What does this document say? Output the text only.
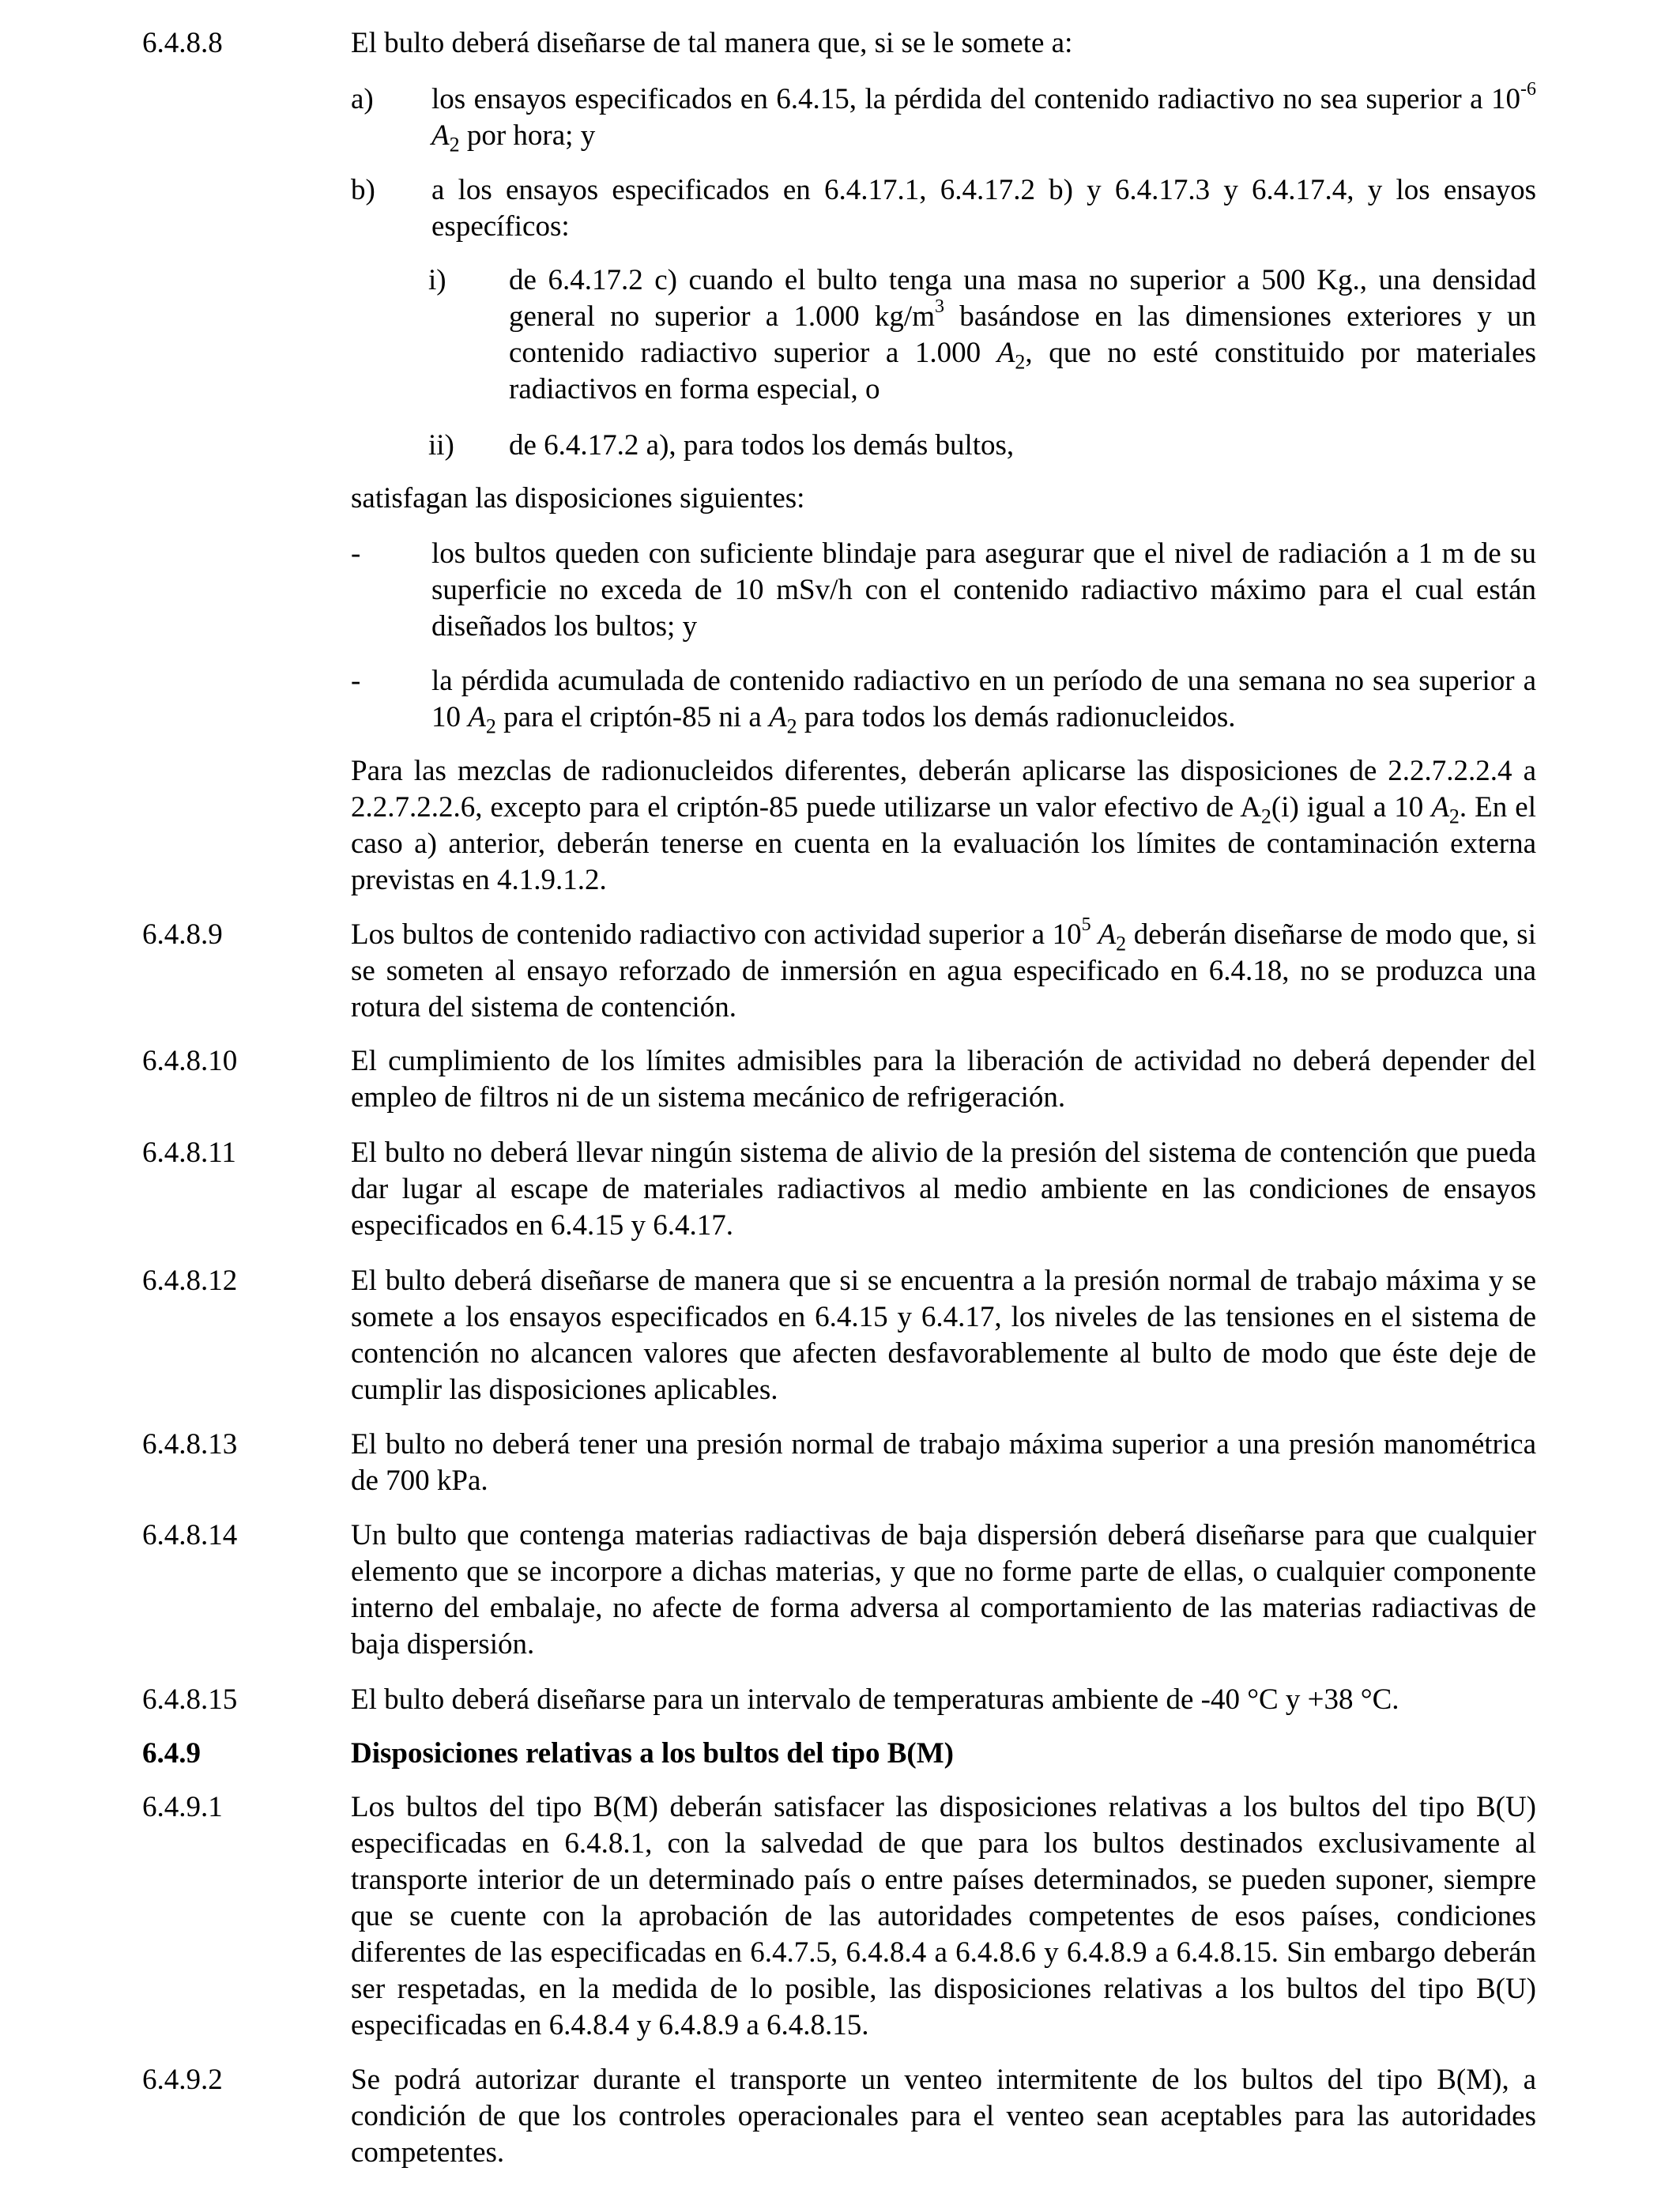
6.4.8.8	El bulto deberá diseñarse de tal manera que, si se le somete a:
a) los ensayos especificados en 6.4.15, la pérdida del contenido radiactivo no sea superior a $10^{-6}$ $A_2$ por hora; y
b) a los ensayos especificados en 6.4.17.1, 6.4.17.2 b) y 6.4.17.3 y 6.4.17.4, y los ensayos específicos:
i) de 6.4.17.2 c) cuando el bulto tenga una masa no superior a 500 Kg., una densidad general no superior a 1.000 $kg/m^3$ basándose en las dimensiones exteriores y un contenido radiactivo superior a 1.000 $A_2$, que no esté constituido por materiales radiactivos en forma especial, o
ii) de 6.4.17.2 a), para todos los demás bultos,
satisfagan las disposiciones siguientes:
- los bultos queden con suficiente blindaje para asegurar que el nivel de radiación a 1 m de su superficie no exceda de 10 mSv/h con el contenido radiactivo máximo para el cual están diseñados los bultos; y
- la pérdida acumulada de contenido radiactivo en un período de una semana no sea superior a 10 $A_2$ para el criptón-85 ni a $A_2$ para todos los demás radionucleidos.
Para las mezclas de radionucleidos diferentes, deberán aplicarse las disposiciones de 2.2.7.2.2.4 a 2.2.7.2.2.6, excepto para el criptón-85 puede utilizarse un valor efectivo de $A_2(i)$ igual a 10 $A_2$. En el caso a) anterior, deberán tenerse en cuenta en la evaluación los límites de contaminación externa previstas en 4.1.9.1.2.
6.4.8.9	Los bultos de contenido radiactivo con actividad superior a $10^5$ $A_2$ deberán diseñarse de modo que, si se someten al ensayo reforzado de inmersión en agua especificado en 6.4.18, no se produzca una rotura del sistema de contención.
6.4.8.10	El cumplimiento de los límites admisibles para la liberación de actividad no deberá depender del empleo de filtros ni de un sistema mecánico de refrigeración.
6.4.8.11	El bulto no deberá llevar ningún sistema de alivio de la presión del sistema de contención que pueda dar lugar al escape de materiales radiactivos al medio ambiente en las condiciones de ensayos especificados en 6.4.15 y 6.4.17.
6.4.8.12	El bulto deberá diseñarse de manera que si se encuentra a la presión normal de trabajo máxima y se somete a los ensayos especificados en 6.4.15 y 6.4.17, los niveles de las tensiones en el sistema de contención no alcancen valores que afecten desfavorablemente al bulto de modo que éste deje de cumplir las disposiciones aplicables.
6.4.8.13	El bulto no deberá tener una presión normal de trabajo máxima superior a una presión manométrica de 700 kPa.
6.4.8.14	Un bulto que contenga materias radiactivas de baja dispersión deberá diseñarse para que cualquier elemento que se incorpore a dichas materias, y que no forme parte de ellas, o cualquier componente interno del embalaje, no afecte de forma adversa al comportamiento de las materias radiactivas de baja dispersión.
6.4.8.15	El bulto deberá diseñarse para un intervalo de temperaturas ambiente de -40 °C y +38 °C.
6.4.9	Disposiciones relativas a los bultos del tipo B(M)
6.4.9.1	Los bultos del tipo B(M) deberán satisfacer las disposiciones relativas a los bultos del tipo B(U) especificadas en 6.4.8.1, con la salvedad de que para los bultos destinados exclusivamente al transporte interior de un determinado país o entre países determinados, se pueden suponer, siempre que se cuente con la aprobación de las autoridades competentes de esos países, condiciones diferentes de las especificadas en 6.4.7.5, 6.4.8.4 a 6.4.8.6 y 6.4.8.9 a 6.4.8.15. Sin embargo deberán ser respetadas, en la medida de lo posible, las disposiciones relativas a los bultos del tipo B(U) especificadas en 6.4.8.4 y 6.4.8.9 a 6.4.8.15.
6.4.9.2	Se podrá autorizar durante el transporte un venteo intermitente de los bultos del tipo B(M), a condición de que los controles operacionales para el venteo sean aceptables para las autoridades competentes.
